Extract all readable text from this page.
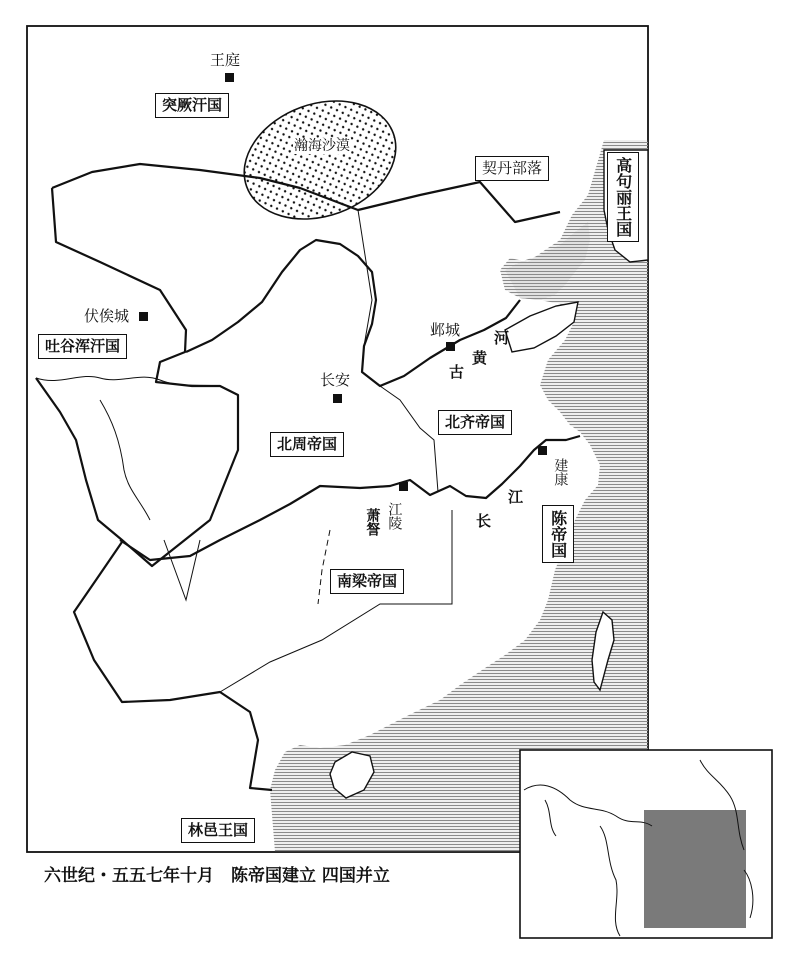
突厥汗国
吐谷浑汗国
北周帝国
北齐帝国
南梁帝国
林邑王国
契丹部落
陈帝国
高句丽王国
王庭
伏俟城
长安
邺城
江陵
建康
瀚海沙漠
萧詧
古
黄
河
长
江
六世纪・五五七年十月　陈帝国建立 四国并立
